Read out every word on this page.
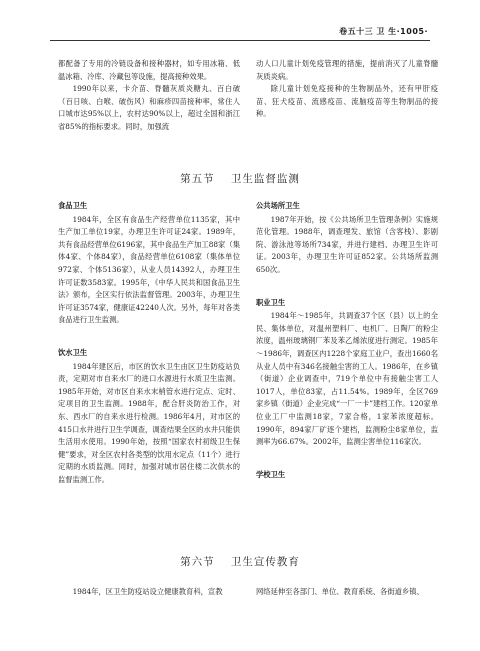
卷五十三 卫 生·1005·

都配备了专用的冷链设备和接种器材，如专用冰箱、低温冰箱、冷库、冷藏包等设施，提高接种效果。

1990年以来，卡介苗、脊髓灰质炎糖丸、百白破（百日咳、白喉、破伤风）和麻疹四苗接种率，常住人口城市达95%以上，农村达90%以上，超过全国和浙江省85%的指标要求。同时，加强流

动人口儿童计划免疫管理的措施，提前消灭了儿童脊髓灰质炎病。

除儿童计划免疫接种的生物制品外，还有甲肝疫苗、狂犬疫苗、流感疫苗、流脑疫苗等生物制品的接种。

第五节 卫生监督监测
食品卫生

1984年，全区有食品生产经营单位1135家，其中生产加工单位19家，办理卫生许可证24家。1989年，共有食品经营单位6196家，其中食品生产加工88家（集体4家、个体84家），食品经营单位6108家（集体单位972家、个体5136家），从业人员14392人，办理卫生许可证数3583家。1995年，《中华人民共和国食品卫生法》颁布，全区实行依法监督管理。2003年，办理卫生许可证3574家，健康证42240人次。另外，每年对各类食品进行卫生监测。

饮水卫生

1984年建区后，市区的饮水卫生由区卫生防疫站负责，定期对市自来水厂的进口水源进行水质卫生监测。1985年开始，对市区自来水末梢管水进行定点、定时、定项目的卫生监测。1988年，配合肝炎防治工作，对东、西水厂的自来水进行检测。1986年4月，对市区的415口水井进行卫生学调查，调查结果全区的水井只能供生活用水使用。1990年始，按照“国家农村初级卫生保健”要求，对全区农村各类型的饮用水定点（11个）进行定期的水质监测。同时，加强对城市居住楼二次供水的监督监测工作。

公共场所卫生

1987年开始，按《公共场所卫生管理条例》实施规范化管理。1988年，调查理发、旅馆（含客栈）、影剧院、游泳池等场所734家，并进行建档、办理卫生许可证。2003年，办理卫生许可证852家。公共场所监测650次。

职业卫生

1984年～1985年，共调查37个区（县）以上的全民、集体单位，对温州塑料厂、电机厂、日陶厂的粉尘浓度，温州玻璃钢厂苯及苯乙烯浓度进行测定。1985年～1986年，调查区内1228个家庭工业户，查出1660名从业人员中有346名接触尘害的工人。1986年，在乡镇（街道）企业调查中，719个单位中有接触尘害工人1017人，单位83家，占11.54%。1989年，全区769家乡镇（街道）企业完成“一厂一卡”建档工作。120家单位业工厂中监测18家，7家合格，1家苯浓度超标。1990年，894家厂矿逐个建档，监测粉尘8家单位，监测率为66.67%。2002年，监测尘害单位116家次。

学校卫生
第六节 卫生宣传教育

1984年，区卫生防疫站设立健康教育科，宣教	网络延伸至各部门、单位、教育系统、各街道乡镇、
